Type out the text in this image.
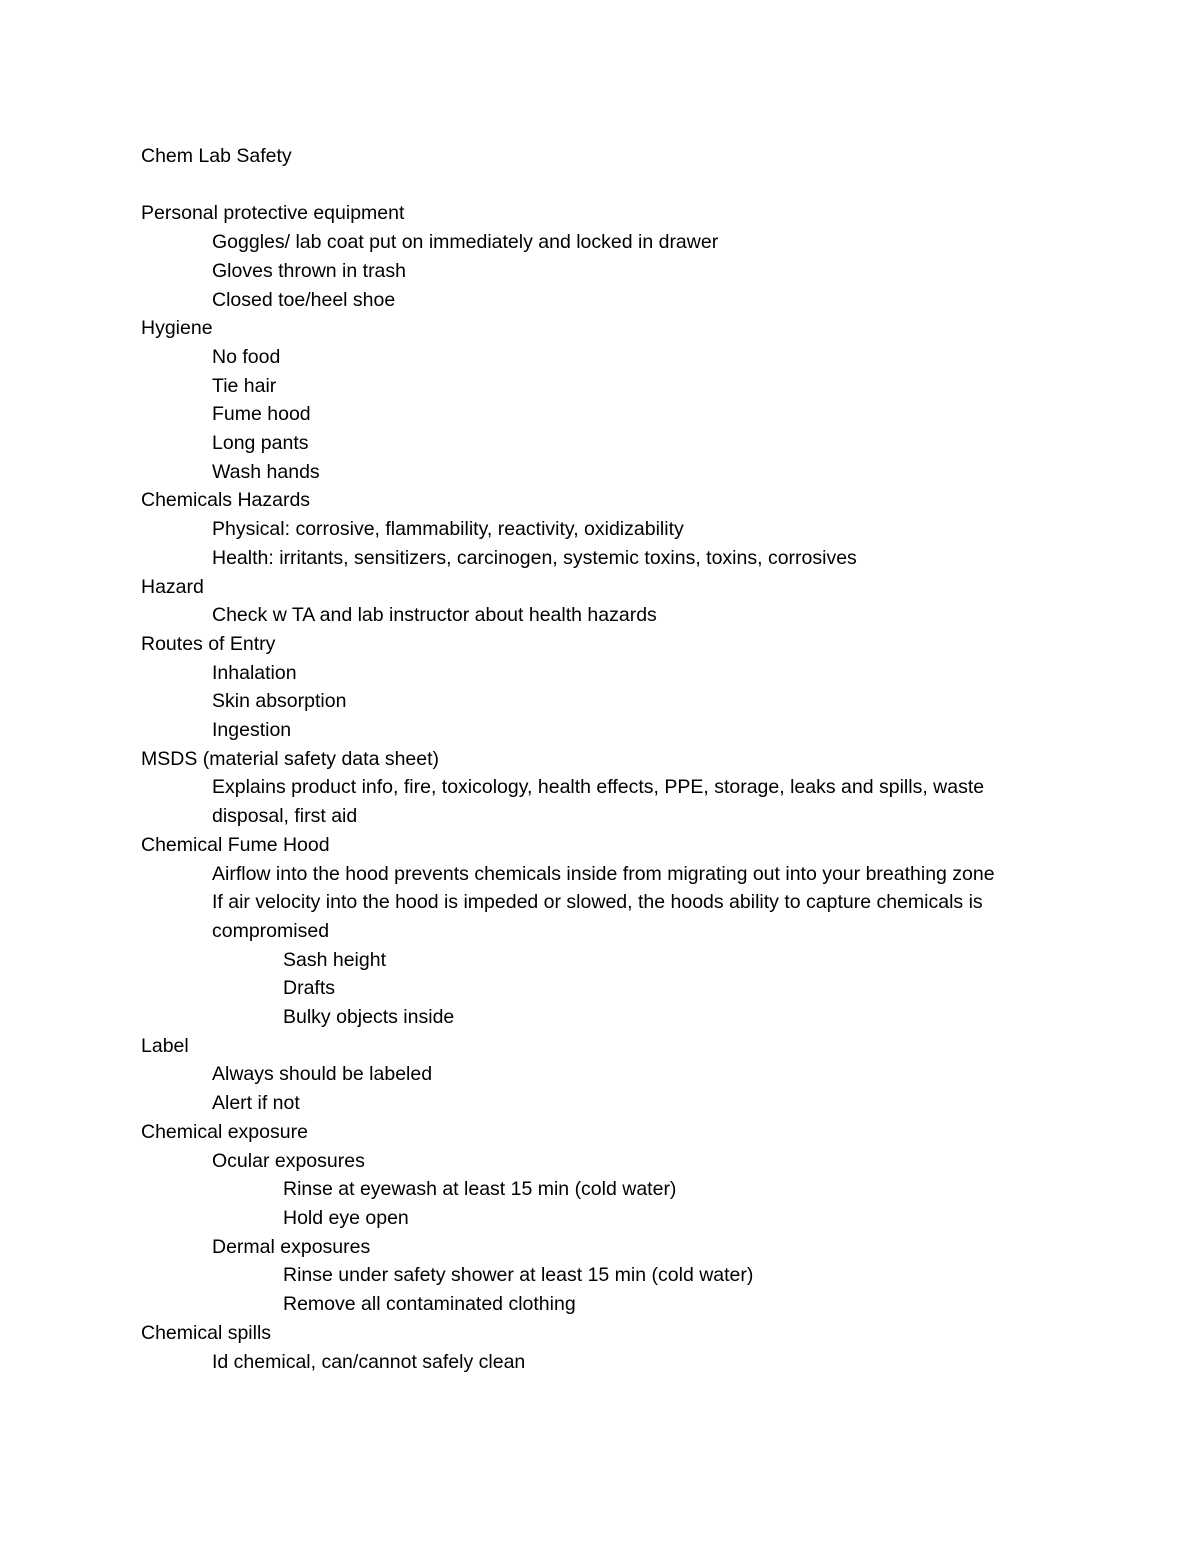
Chem Lab Safety

Personal protective equipment

Goggles/ lab coat put on immediately and locked in drawer

Gloves thrown in trash

Closed toe/heel shoe

Hygiene

No food

Tie hair

Fume hood

Long pants

Wash hands

Chemicals Hazards

Physical: corrosive, flammability, reactivity, oxidizability

Health: irritants, sensitizers, carcinogen, systemic toxins, toxins, corrosives

Hazard

Check w TA and lab instructor about health hazards

Routes of Entry

Inhalation

Skin absorption

Ingestion

MSDS (material safety data sheet)

Explains product info, fire, toxicology, health effects, PPE, storage, leaks and spills, waste disposal, first aid

Chemical Fume Hood

Airflow into the hood prevents chemicals inside from migrating out into your breathing zone

If air velocity into the hood is impeded or slowed, the hoods ability to capture chemicals is compromised

Sash height

Drafts

Bulky objects inside

Label

Always should be labeled

Alert if not

Chemical exposure

Ocular exposures

Rinse at eyewash at least 15 min (cold water)

Hold eye open

Dermal exposures

Rinse under safety shower at least 15 min (cold water)

Remove all contaminated clothing

Chemical spills

Id chemical, can/cannot safely clean
